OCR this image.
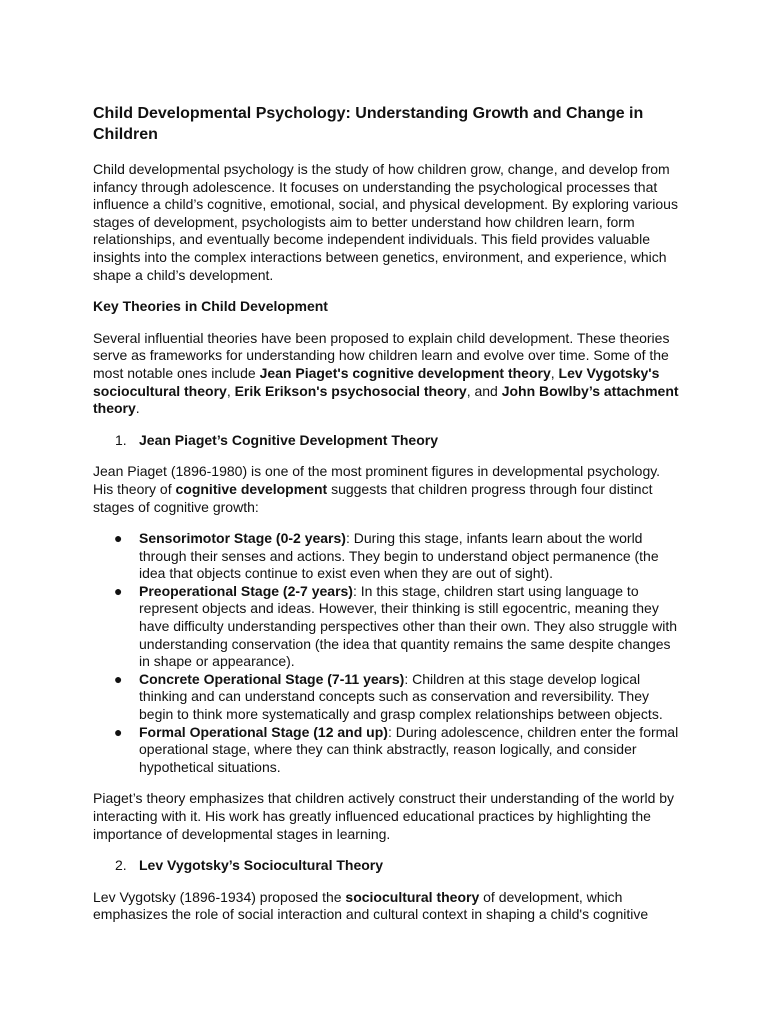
Child Developmental Psychology: Understanding Growth and Change in Children

Child developmental psychology is the study of how children grow, change, and develop from infancy through adolescence. It focuses on understanding the psychological processes that influence a child’s cognitive, emotional, social, and physical development. By exploring various stages of development, psychologists aim to better understand how children learn, form relationships, and eventually become independent individuals. This field provides valuable insights into the complex interactions between genetics, environment, and experience, which shape a child’s development.

Key Theories in Child Development

Several influential theories have been proposed to explain child development. These theories serve as frameworks for understanding how children learn and evolve over time. Some of the most notable ones include Jean Piaget's cognitive development theory, Lev Vygotsky's sociocultural theory, Erik Erikson's psychosocial theory, and John Bowlby’s attachment theory.

1. Jean Piaget’s Cognitive Development Theory

Jean Piaget (1896-1980) is one of the most prominent figures in developmental psychology. His theory of cognitive development suggests that children progress through four distinct stages of cognitive growth:

● Sensorimotor Stage (0-2 years): During this stage, infants learn about the world through their senses and actions. They begin to understand object permanence (the idea that objects continue to exist even when they are out of sight).
● Preoperational Stage (2-7 years): In this stage, children start using language to represent objects and ideas. However, their thinking is still egocentric, meaning they have difficulty understanding perspectives other than their own. They also struggle with understanding conservation (the idea that quantity remains the same despite changes in shape or appearance).
● Concrete Operational Stage (7-11 years): Children at this stage develop logical thinking and can understand concepts such as conservation and reversibility. They begin to think more systematically and grasp complex relationships between objects.
● Formal Operational Stage (12 and up): During adolescence, children enter the formal operational stage, where they can think abstractly, reason logically, and consider hypothetical situations.

Piaget’s theory emphasizes that children actively construct their understanding of the world by interacting with it. His work has greatly influenced educational practices by highlighting the importance of developmental stages in learning.

2. Lev Vygotsky’s Sociocultural Theory

Lev Vygotsky (1896-1934) proposed the sociocultural theory of development, which emphasizes the role of social interaction and cultural context in shaping a child's cognitive
